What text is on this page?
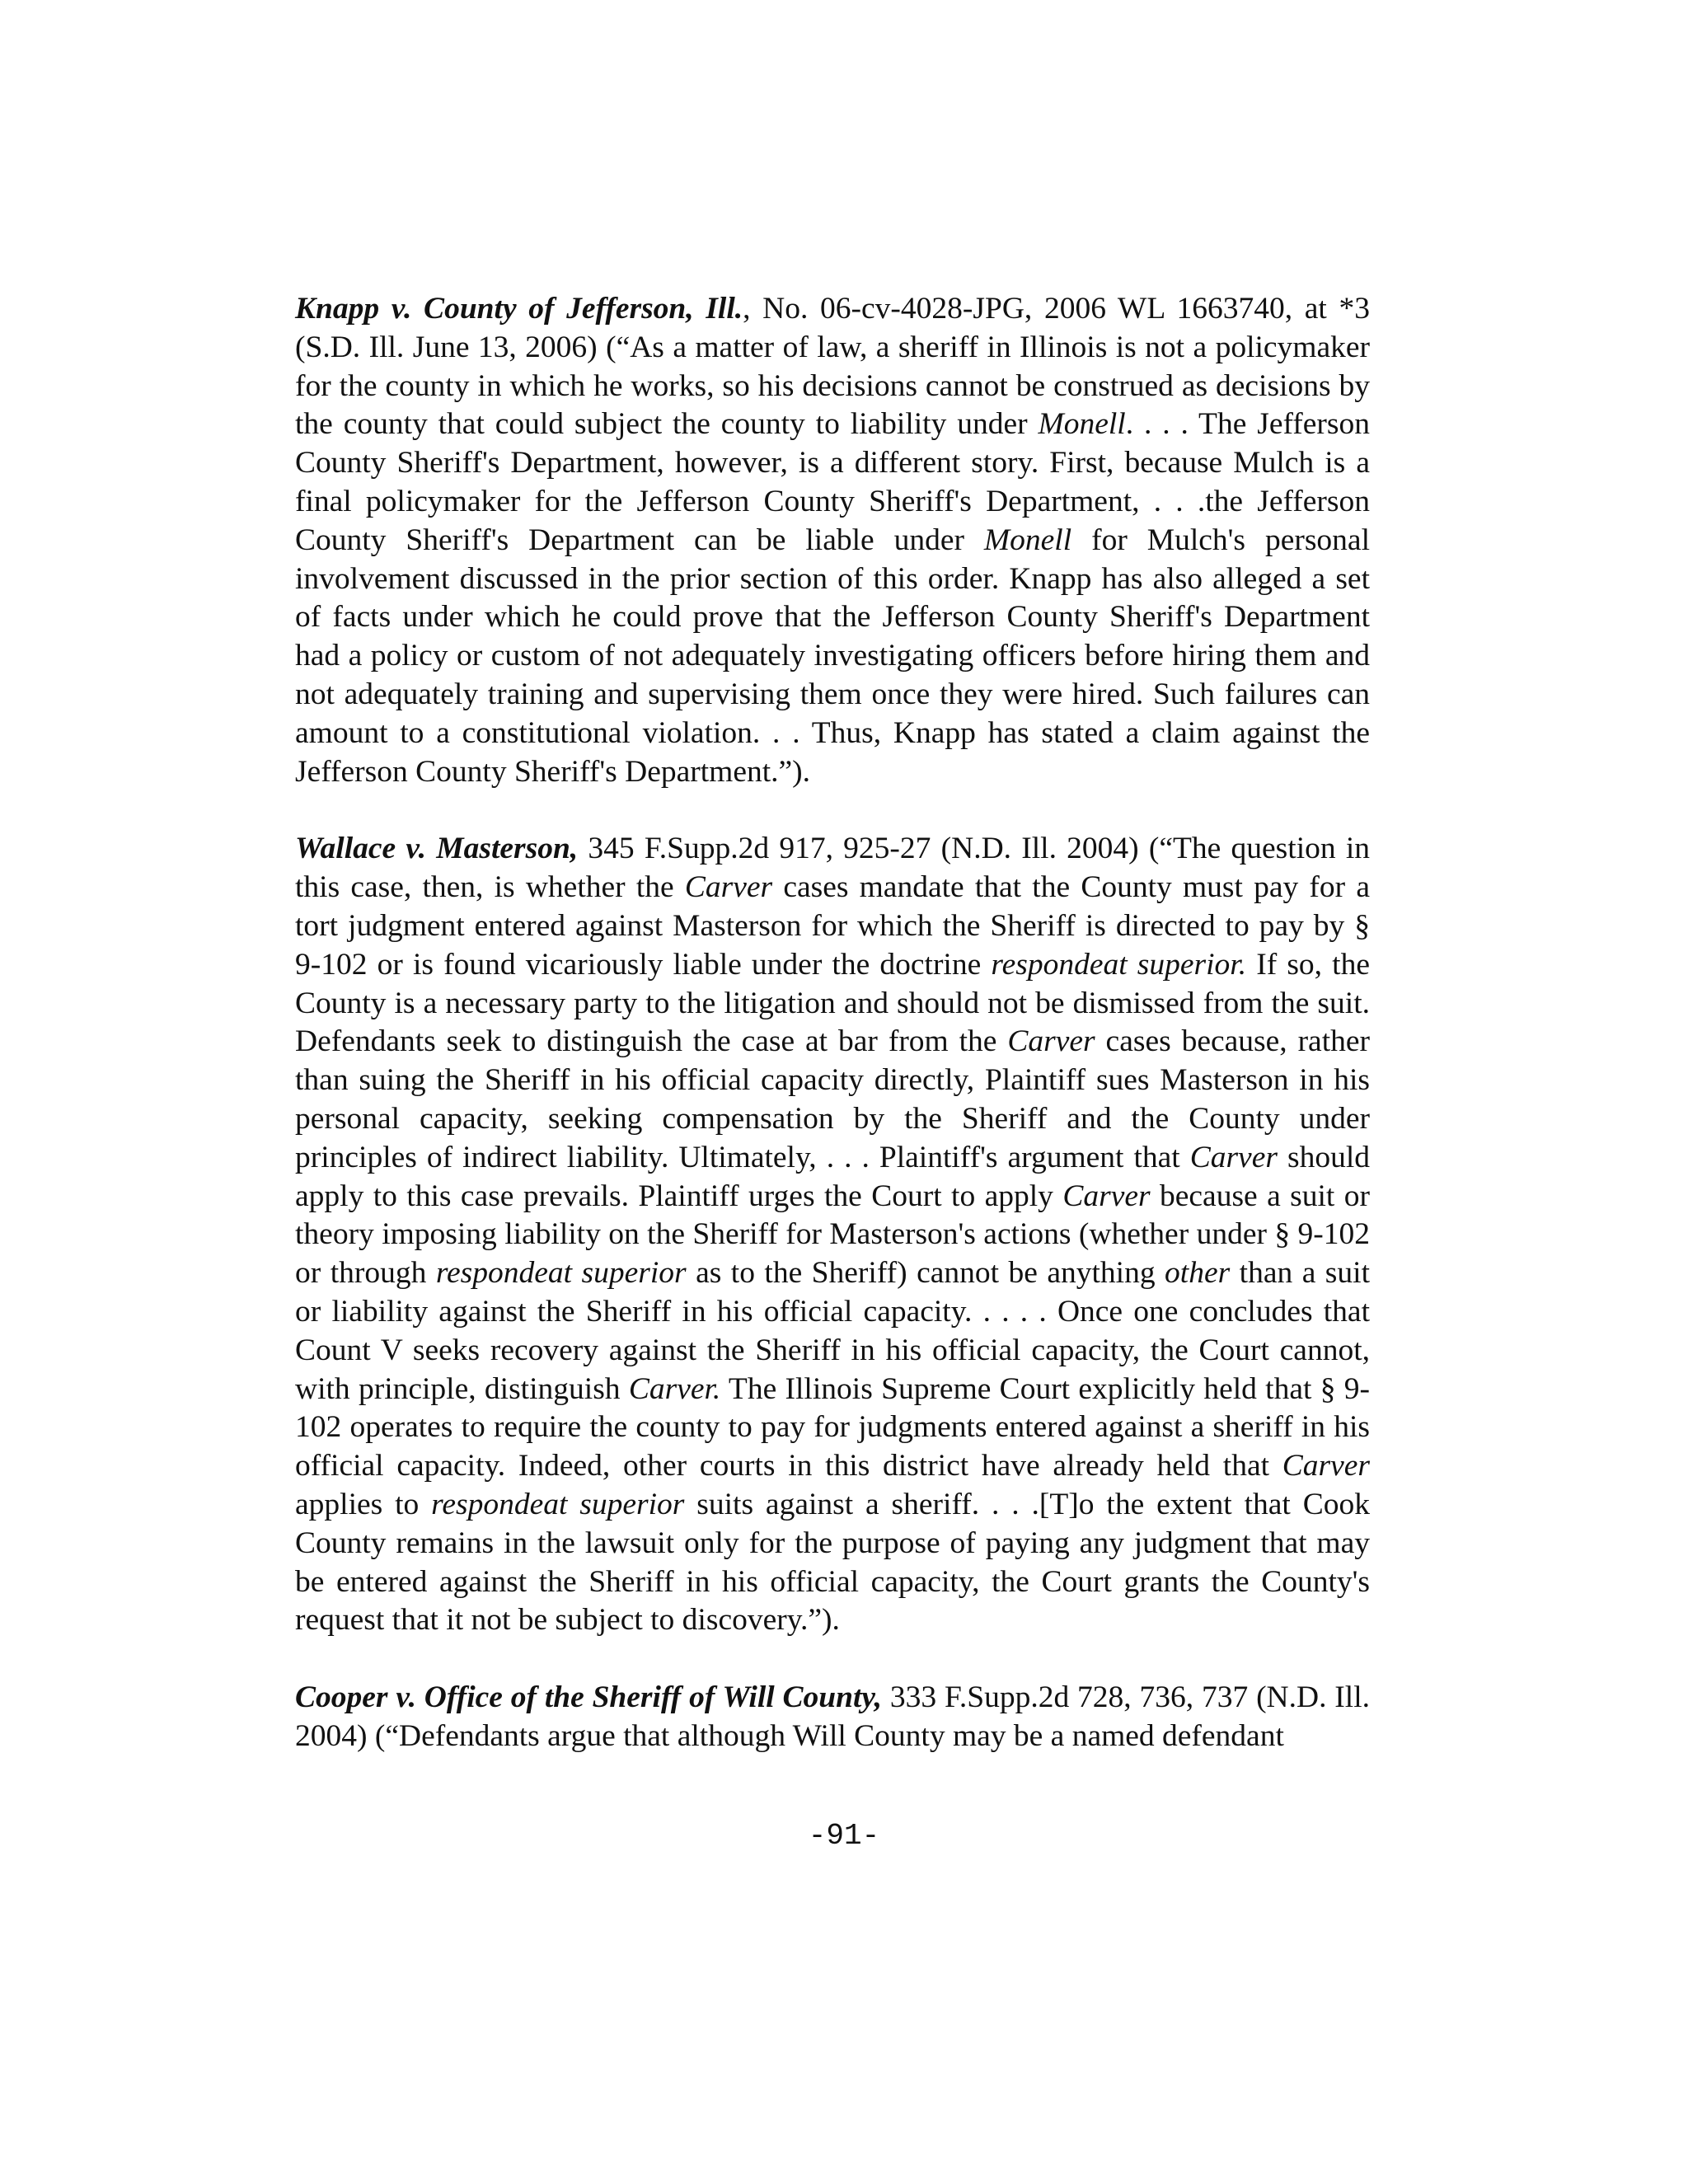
Knapp v. County of Jefferson, Ill., No. 06-cv-4028-JPG, 2006 WL 1663740, at *3 (S.D. Ill. June 13, 2006) (“As a matter of law, a sheriff in Illinois is not a policymaker for the county in which he works, so his decisions cannot be construed as decisions by the county that could subject the county to liability under Monell. . . . The Jefferson County Sheriff's Department, however, is a different story. First, because Mulch is a final policymaker for the Jefferson County Sheriff's Department, . . .the Jefferson County Sheriff's Department can be liable under Monell for Mulch's personal involvement discussed in the prior section of this order. Knapp has also alleged a set of facts under which he could prove that the Jefferson County Sheriff's Department had a policy or custom of not adequately investigating officers before hiring them and not adequately training and supervising them once they were hired. Such failures can amount to a constitutional violation. . . Thus, Knapp has stated a claim against the Jefferson County Sheriff's Department.”).

Wallace v. Masterson, 345 F.Supp.2d 917, 925-27 (N.D. Ill. 2004) (“The question in this case, then, is whether the Carver cases mandate that the County must pay for a tort judgment entered against Masterson for which the Sheriff is directed to pay by § 9-102 or is found vicariously liable under the doctrine respondeat superior. If so, the County is a necessary party to the litigation and should not be dismissed from the suit. Defendants seek to distinguish the case at bar from the Carver cases because, rather than suing the Sheriff in his official capacity directly, Plaintiff sues Masterson in his personal capacity, seeking compensation by the Sheriff and the County under principles of indirect liability. Ultimately, . . . Plaintiff's argument that Carver should apply to this case prevails. Plaintiff urges the Court to apply Carver because a suit or theory imposing liability on the Sheriff for Masterson's actions (whether under § 9-102 or through respondeat superior as to the Sheriff) cannot be anything other than a suit or liability against the Sheriff in his official capacity. . . . . Once one concludes that Count V seeks recovery against the Sheriff in his official capacity, the Court cannot, with principle, distinguish Carver. The Illinois Supreme Court explicitly held that § 9-102 operates to require the county to pay for judgments entered against a sheriff in his official capacity. Indeed, other courts in this district have already held that Carver applies to respondeat superior suits against a sheriff. . . .[T]o the extent that Cook County remains in the lawsuit only for the purpose of paying any judgment that may be entered against the Sheriff in his official capacity, the Court grants the County's request that it not be subject to discovery.”).

Cooper v. Office of the Sheriff of Will County, 333 F.Supp.2d 728, 736, 737 (N.D. Ill. 2004) (“Defendants argue that although Will County may be a named defendant

-91-
